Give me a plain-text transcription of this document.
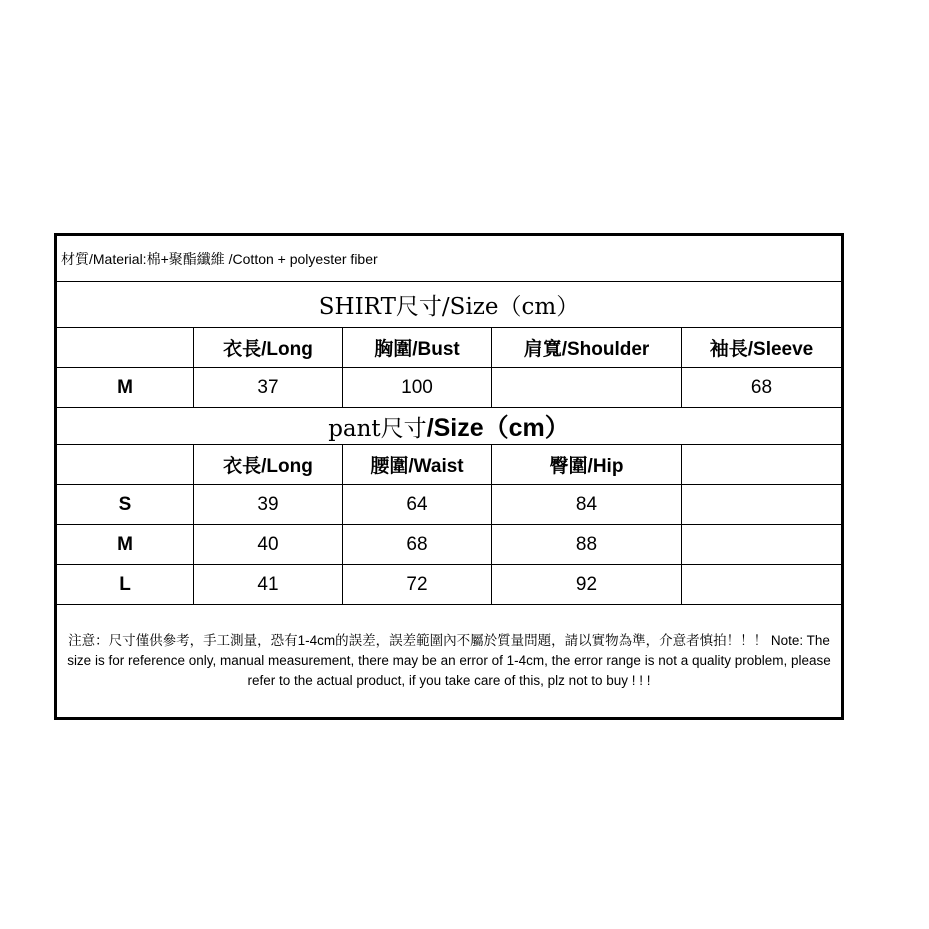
材質/Material:棉+聚酯纖維 /Cotton + polyester fiber				
SHIRT尺寸/Size（cm）				
	衣長/Long	胸圍/Bust	肩寬/Shoulder	袖長/Sleeve
M	37	100		68
pant尺寸/Size（cm）				
	衣長/Long	腰圍/Waist	臀圍/Hip	
S	39	64	84	
M	40	68	88	
L	41	72	92	
注意：尺寸僅供參考，手工測量，恐有1-4cm的誤差，誤差範圍內不屬於質量問題，請以實物為準，介意者慎拍！！！ Note: The size is for reference only, manual measurement, there may be an error of 1-4cm, the error range is not a quality problem, please refer to the actual product, if you take care of this, plz not to buy ! ! !				
